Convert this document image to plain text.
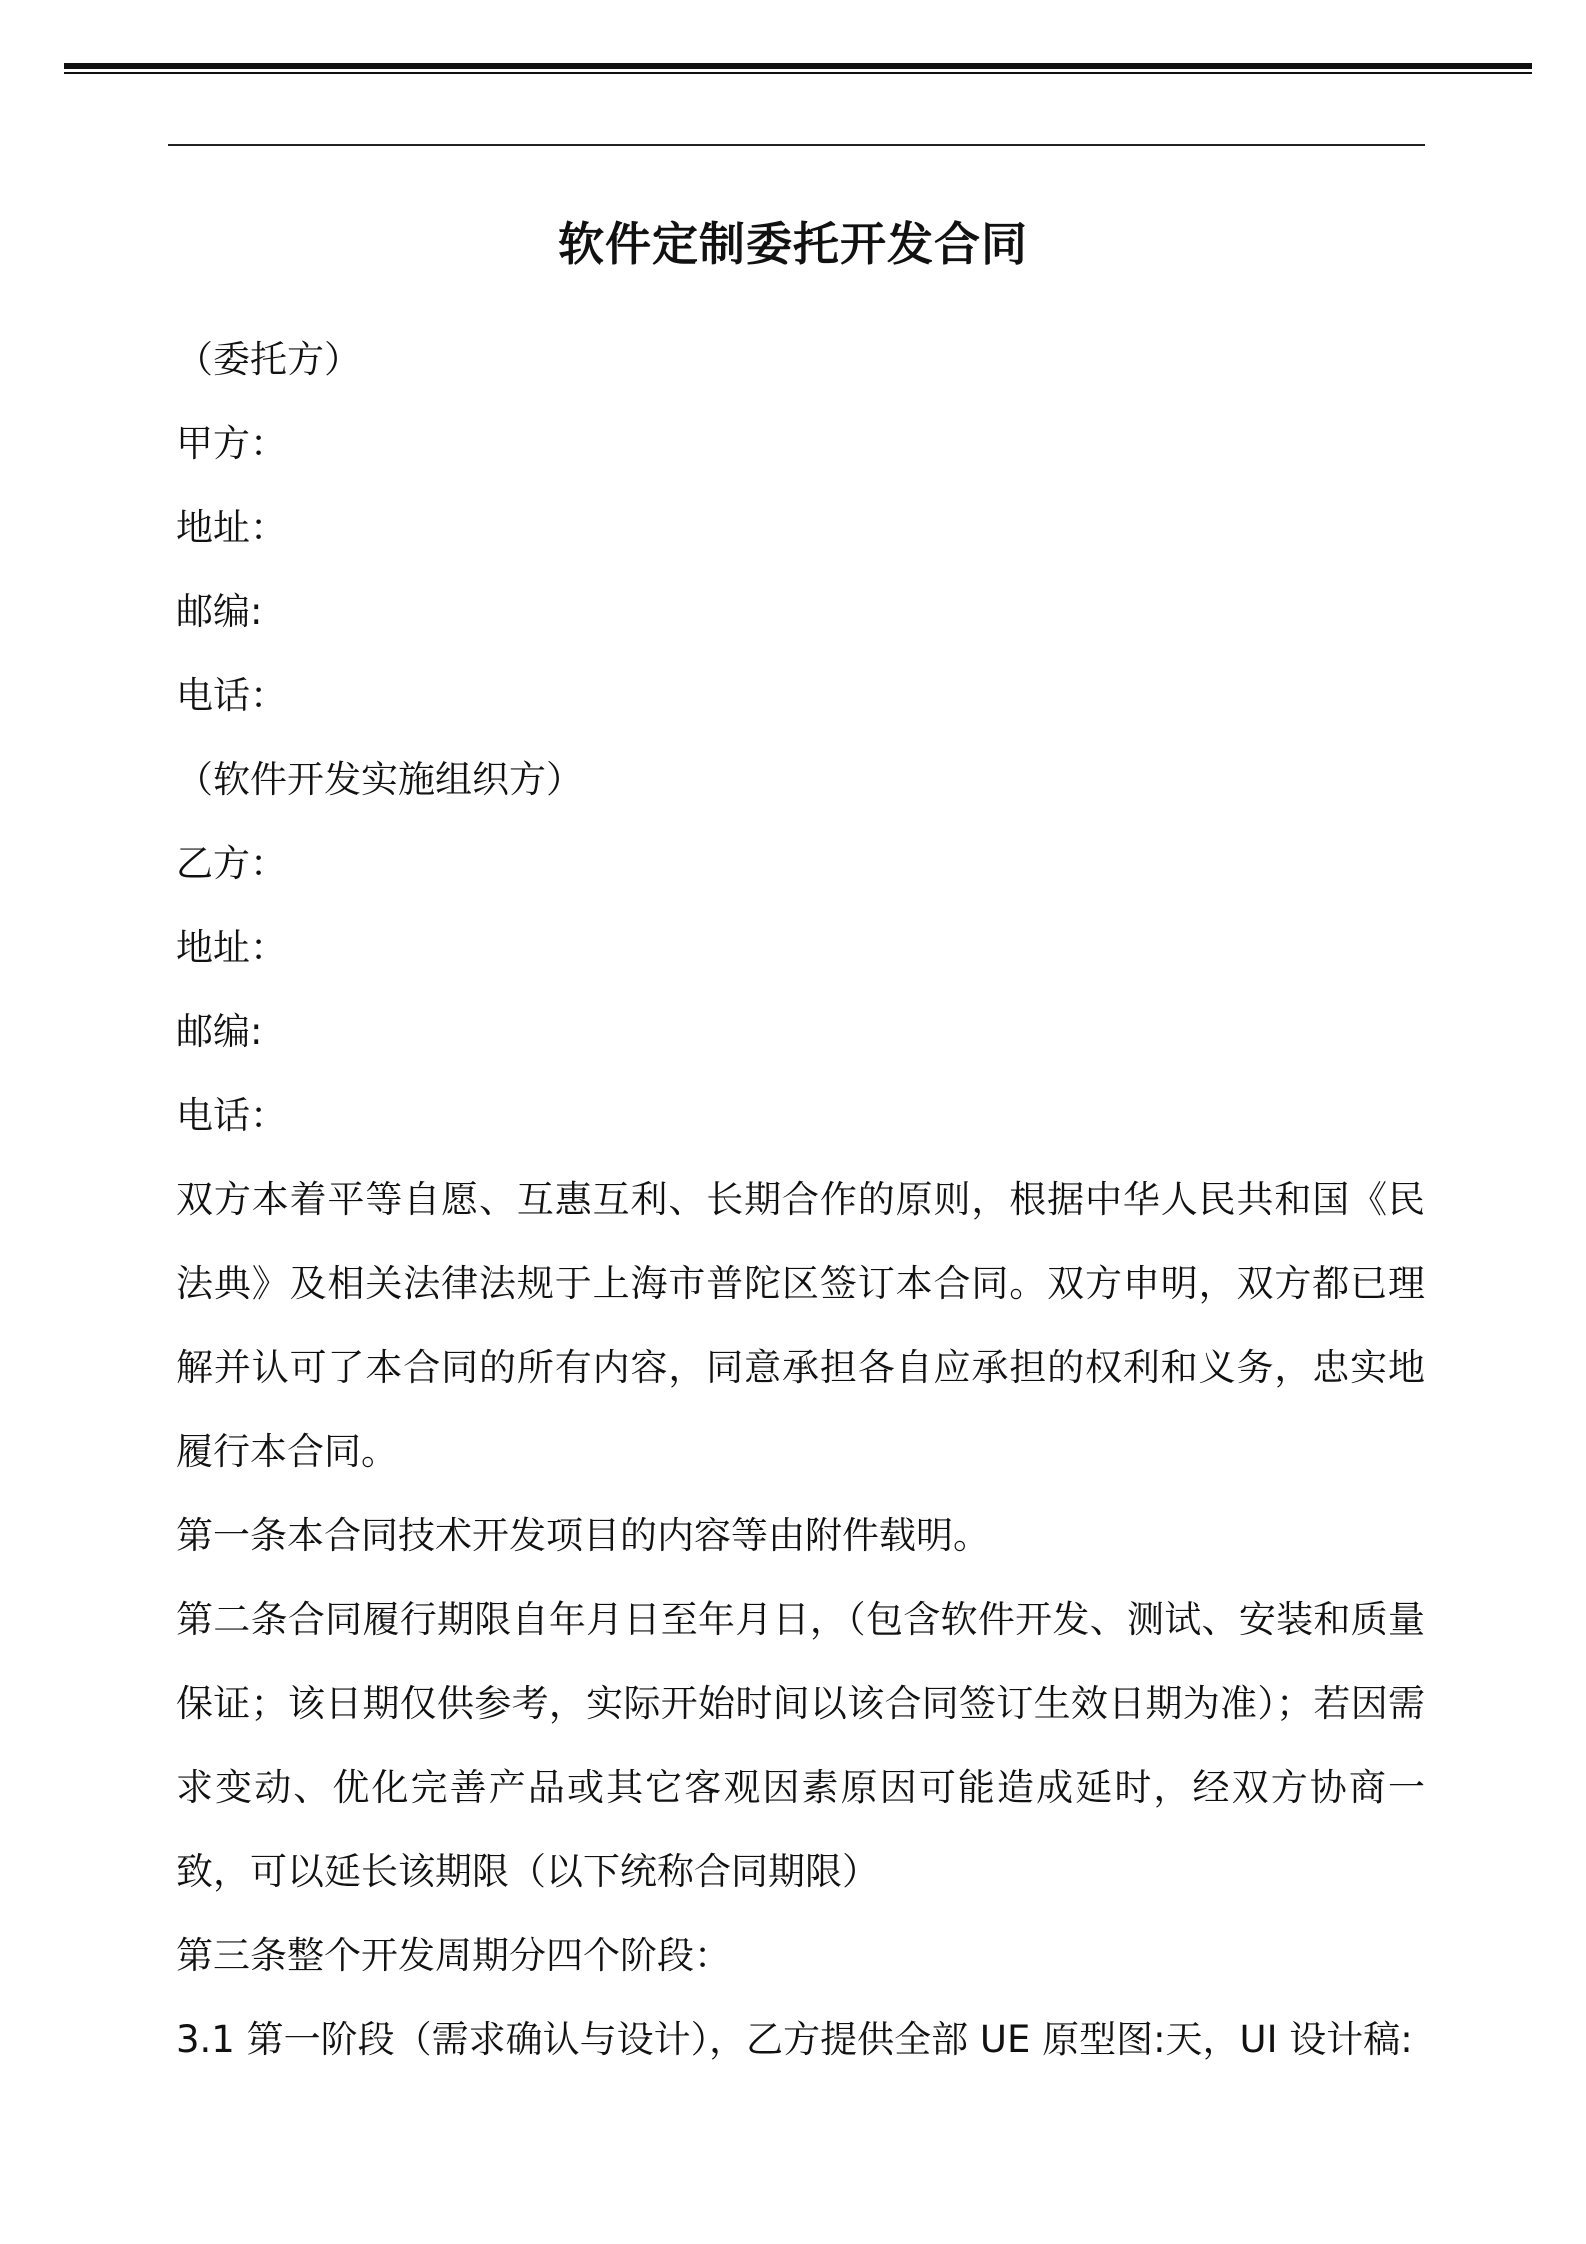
软件定制委托开发合同
（委托方）
甲方：
地址：
邮编:
电话：
（软件开发实施组织方）
乙方：
地址：
邮编:
电话：
双方本着平等自愿、互惠互利、长期合作的原则，根据中华人民共和国《民法典》及相关法律法规于上海市普陀区签订本合同。双方申明，双方都已理解并认可了本合同的所有内容，同意承担各自应承担的权利和义务，忠实地履行本合同。
第一条本合同技术开发项目的内容等由附件载明。
第二条合同履行期限自年月日至年月日，（包含软件开发、测试、安装和质量保证；该日期仅供参考，实际开始时间以该合同签订生效日期为准）；若因需求变动、优化完善产品或其它客观因素原因可能造成延时，经双方协商一致，可以延长该期限（以下统称合同期限）
第三条整个开发周期分四个阶段：
3.1 第一阶段（需求确认与设计），乙方提供全部 UE 原型图:天，UI 设计稿:
